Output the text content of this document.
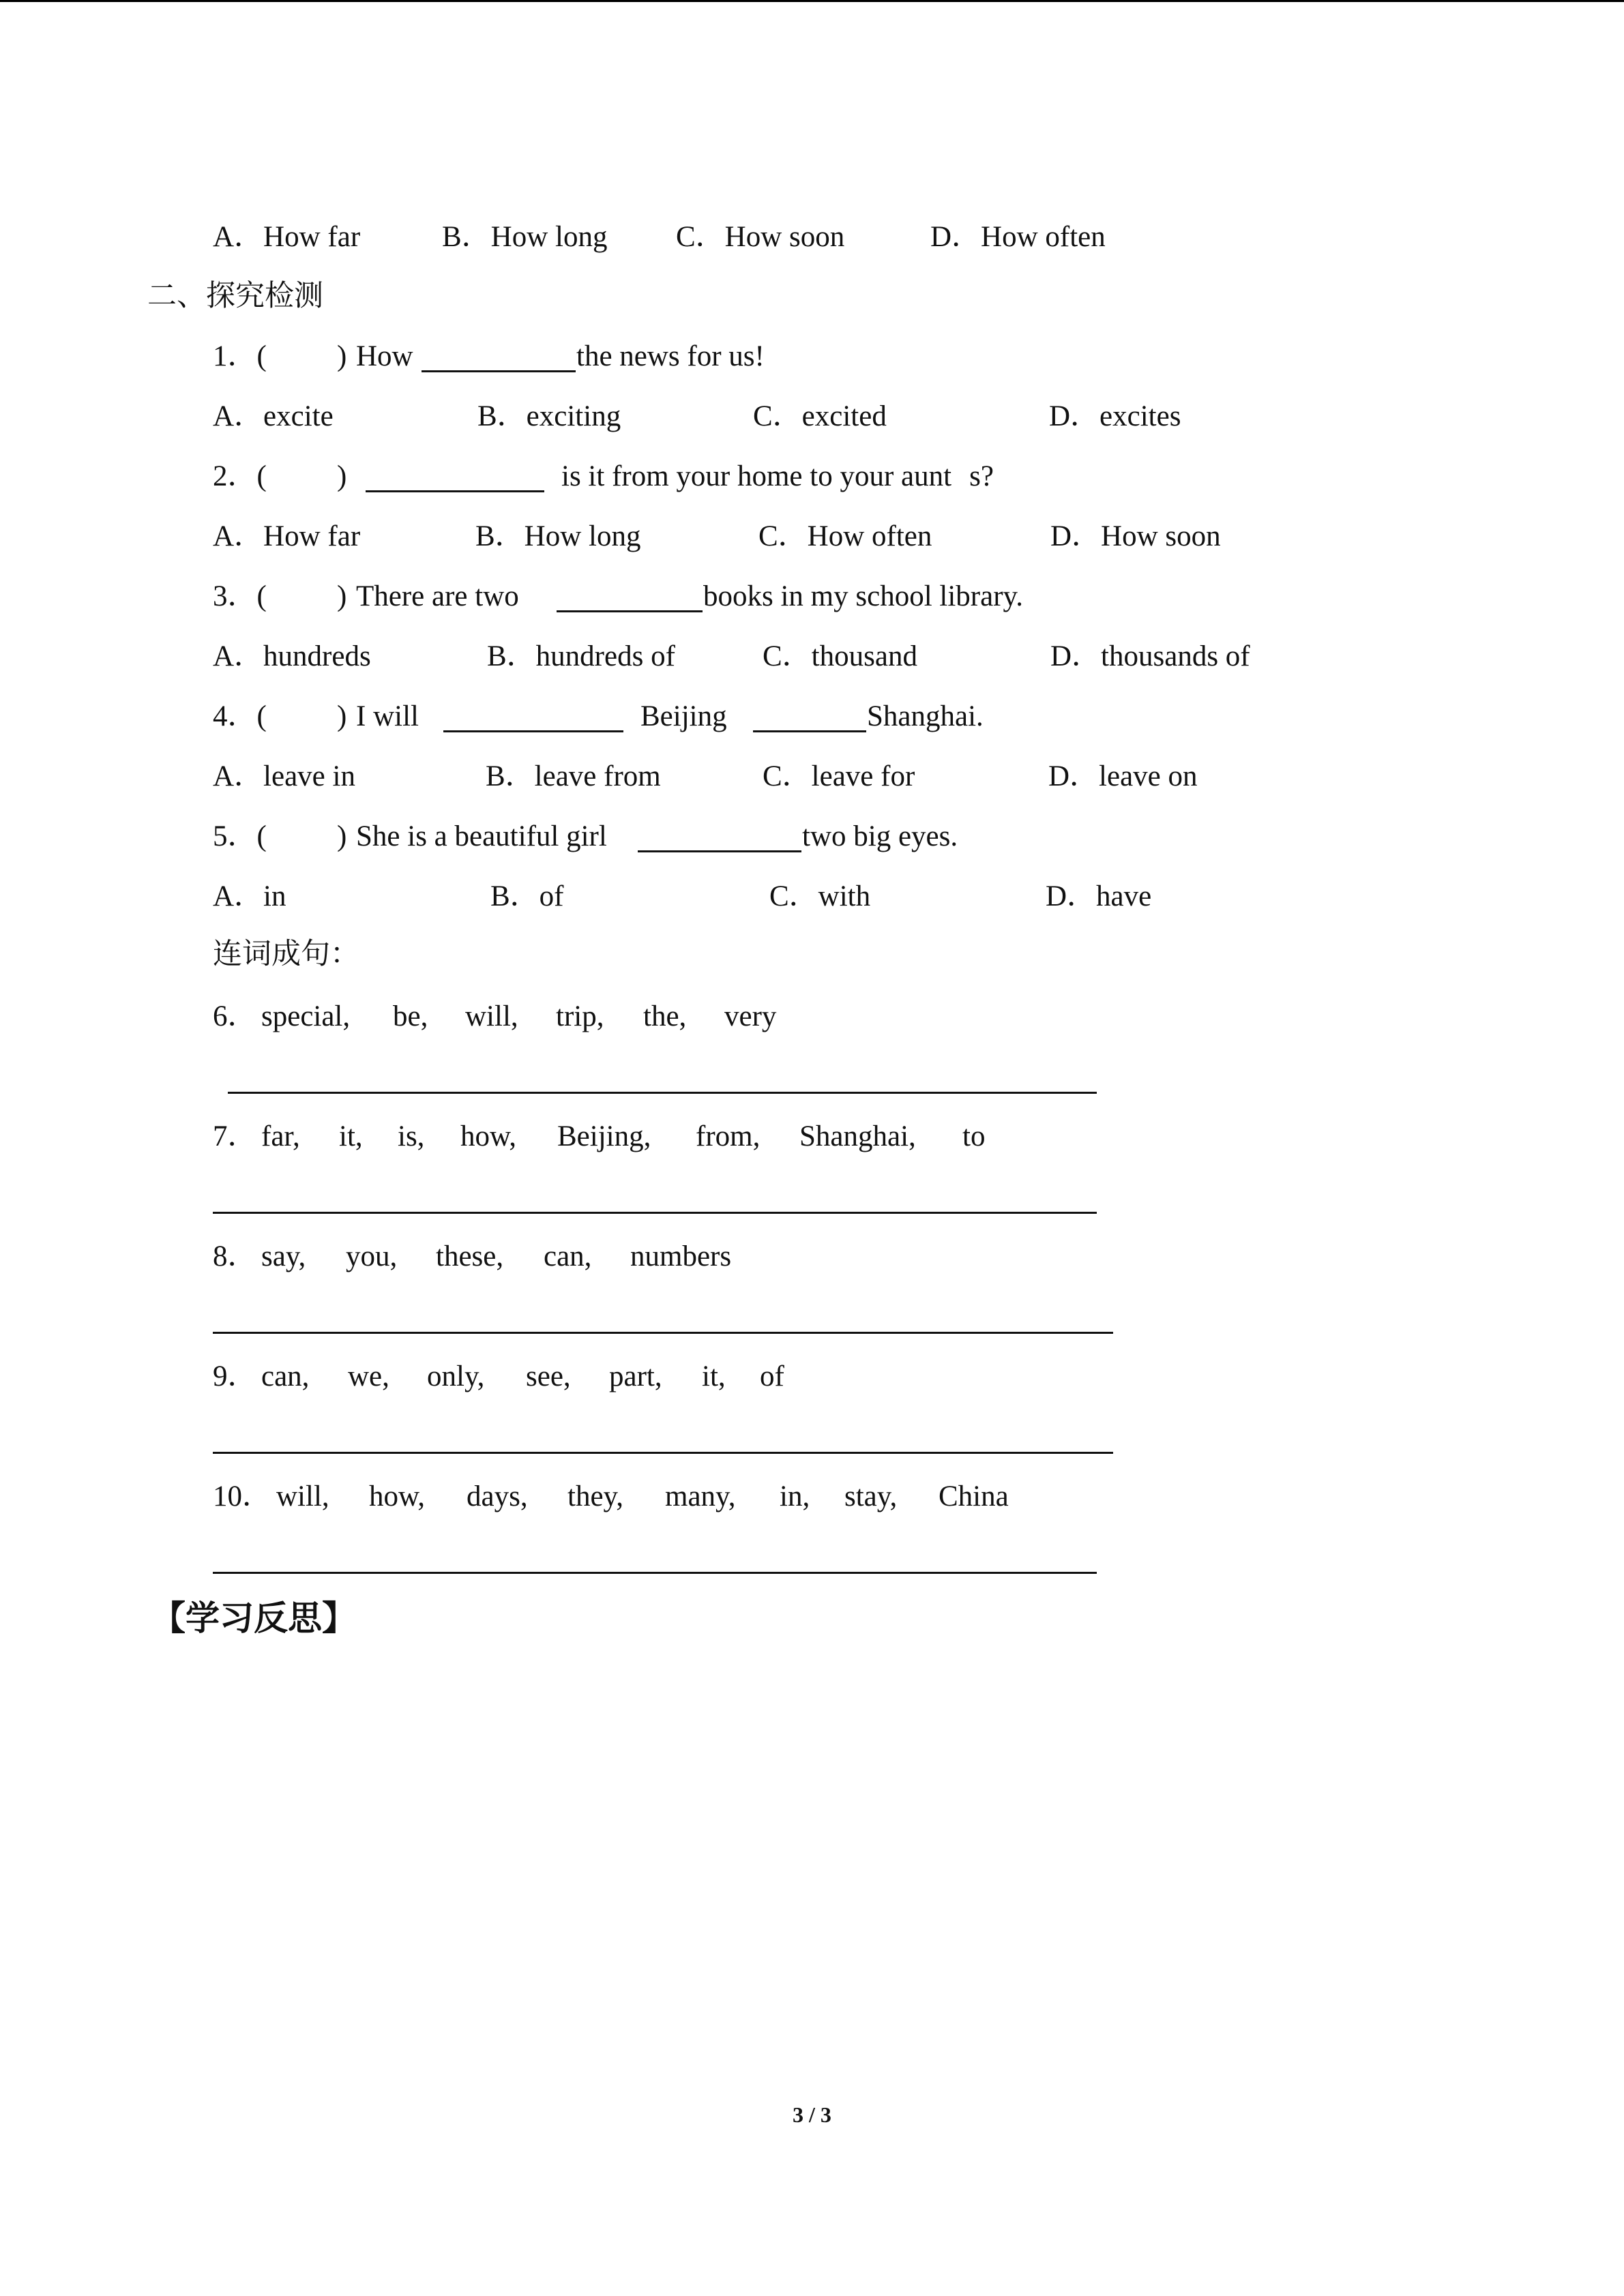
A．How far	B．How long C．How soon	D．How often
二、探究检测
1．( ) How	the news for us!
A．excite	B．exciting	C．excited	D．excites
2．( )	is it from your home to your aunts?
A．How far	B．How long	C．How often	D．How soon
3．( ) There are two	books in my school library.
A．hundreds	B．hundreds of	C．thousand	D．thousands of
4．( ) I will	Beijing	Shanghai.
A．leave in	B．leave from	C．leave for	D．leave on
5．( ) She is a beautiful girl	two big eyes.
A．in	B．of	C．with	D．have
连词成句：
6． special, be, will, trip, the, very
7． far, it, is, how, Beijing, from, Shanghai, to
8． say, you, these, can, numbers
9． can, we, only, see, part, it, of
10． will, how, days, they, many, in, stay, China
【学习反思】
3 / 3
